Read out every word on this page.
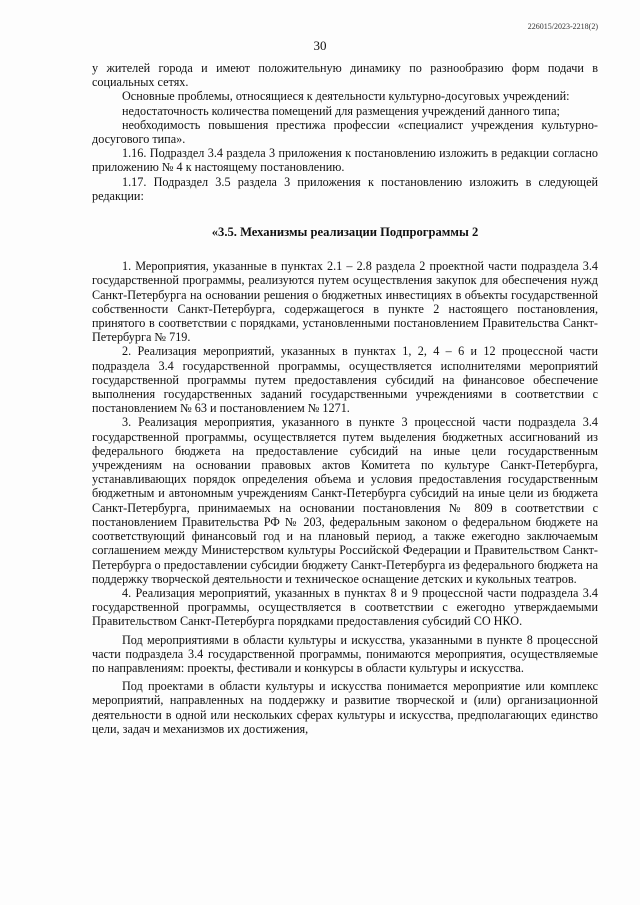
226015/2023-2218(2)
30

у жителей города и имеют положительную динамику по разнообразию форм подачи в социальных сетях.

Основные проблемы, относящиеся к деятельности культурно-досуговых учреждений:

недостаточность количества помещений для размещения учреждений данного типа;

необходимость повышения престижа профессии «специалист учреждения культурно-досугового типа».

1.16. Подраздел 3.4 раздела 3 приложения к постановлению изложить в редакции согласно приложению № 4 к настоящему постановлению.

1.17. Подраздел 3.5 раздела 3 приложения к постановлению изложить в следующей редакции:

«3.5. Механизмы реализации Подпрограммы 2

1. Мероприятия, указанные в пунктах 2.1 – 2.8 раздела 2 проектной части подраздела 3.4 государственной программы, реализуются путем осуществления закупок для обеспечения нужд Санкт-Петербурга на основании решения о бюджетных инвестициях в объекты государственной собственности Санкт-Петербурга, содержащегося в пункте 2 настоящего постановления, принятого в соответствии с порядками, установленными постановлением Правительства Санкт-Петербурга № 719.

2. Реализация мероприятий, указанных в пунктах 1, 2, 4 – 6 и 12 процессной части подраздела 3.4 государственной программы, осуществляется исполнителями мероприятий государственной программы путем предоставления субсидий на финансовое обеспечение выполнения государственных заданий государственными учреждениями в соответствии с постановлением № 63 и постановлением № 1271.

3. Реализация мероприятия, указанного в пункте 3 процессной части подраздела 3.4 государственной программы, осуществляется путем выделения бюджетных ассигнований из федерального бюджета на предоставление субсидий на иные цели государственным учреждениям на основании правовых актов Комитета по культуре Санкт-Петербурга, устанавливающих порядок определения объема и условия предоставления государственным бюджетным и автономным учреждениям Санкт-Петербурга субсидий на иные цели из бюджета Санкт-Петербурга, принимаемых на основании постановления № 809 в соответствии с постановлением Правительства РФ № 203, федеральным законом о федеральном бюджете на соответствующий финансовый год и на плановый период, а также ежегодно заключаемым соглашением между Министерством культуры Российской Федерации и Правительством Санкт-Петербурга о предоставлении субсидии бюджету Санкт-Петербурга из федерального бюджета на поддержку творческой деятельности и техническое оснащение детских и кукольных театров.

4. Реализация мероприятий, указанных в пунктах 8 и 9 процессной части подраздела 3.4 государственной программы, осуществляется в соответствии с ежегодно утверждаемыми Правительством Санкт-Петербурга порядками предоставления субсидий СО НКО.

Под мероприятиями в области культуры и искусства, указанными в пункте 8 процессной части подраздела 3.4 государственной программы, понимаются мероприятия, осуществляемые по направлениям: проекты, фестивали и конкурсы в области культуры и искусства.

Под проектами в области культуры и искусства понимается мероприятие или комплекс мероприятий, направленных на поддержку и развитие творческой и (или) организационной деятельности в одной или нескольких сферах культуры и искусства, предполагающих единство цели, задач и механизмов их достижения,
